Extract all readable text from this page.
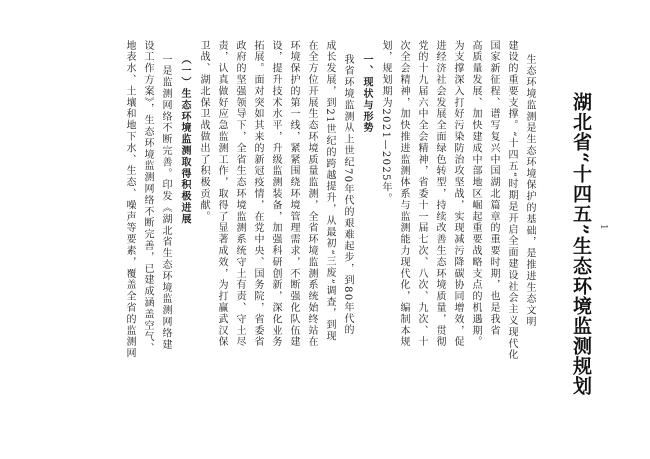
湖北省“十四五”生态环境监测规划
生态环境监测是生态环境保护的基础，是推进生态文明
建设的重要支撑。“十四五”时期是开启全面建设社会主义现代化
国家新征程、谱写复兴中国湖北篇章的重要时期，也是我省
高质量发展、加快建成中部地区崛起重要战略支点的机遇期。
为支撑深入打好污染防治攻坚战，实现减污降碳协同增效，促
进经济社会发展全面绿色转型，持续改善生态环境质量，贯彻
党的十九届六中全会精神，省委十一届七次、八次、九次、十
次全会精神，加快推进监测体系与监测能力现代化，编制本规
划，规划期为2021—2025年。
一、现状与形势
我省环境监测从上世纪70年代的艰难起步，到80年代的
成长发展，到21世纪的跨越提升，从最初“三废”调查，到现
在全方位开展生态环境质量监测，全省环境监测系统始终站在
环境保护的第一线，紧紧围绕环境管理需求，不断强化队伍建
设，提升技术水平，升级监测装备，加强科研创新，深化业务
拓展。面对突如其来的新冠疫情，在党中央、国务院，省委省
政府的坚强领导下，全省生态环境监测系统守土有责、守土尽
责，认真做好应急监测工作，取得了显著成效，为打赢武汉保
卫战、湖北保卫战做出了积极贡献。
（一）生态环境监测取得积极进展
一是监测网络不断完善。印发《湖北省生态环境监测网络建
设工作方案》，生态环境监测网络不断完善，已建成涵盖空气、
地表水、土壤和地下水、生态、噪声等要素，覆盖全省的监测网	1
